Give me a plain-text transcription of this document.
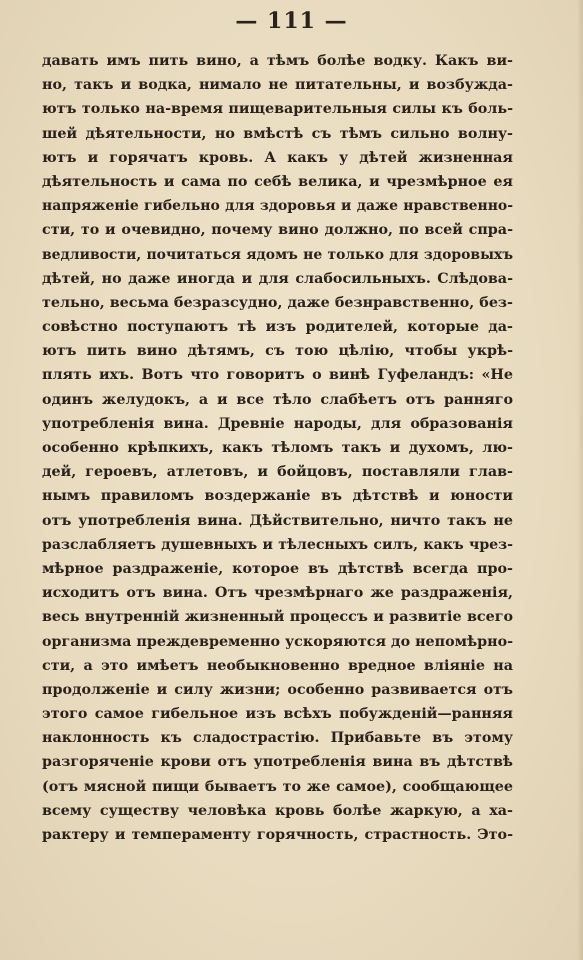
— 111 —
давать имъ пить вино, а тѣмъ болѣе водку. Какъ ви-
но, такъ и водка, нимало не питательны, и возбужда-
ютъ только на-время пищеварительныя силы къ боль-
шей дѣятельности, но вмѣстѣ съ тѣмъ сильно волну-
ютъ и горячатъ кровь. А какъ у дѣтей жизненная
дѣятельность и сама по себѣ велика, и чрезмѣрное ея
напряженіе гибельно для здоровья и даже нравственно-
сти, то и очевидно, почему вино должно, по всей спра-
ведливости, почитаться ядомъ не только для здоровыхъ
дѣтей, но даже иногда и для слабосильныхъ. Слѣдова-
тельно, весьма безразсудно, даже безнравственно, без-
совѣстно поступаютъ тѣ изъ родителей, которые да-
ютъ пить вино дѣтямъ, съ тою цѣлію, чтобы укрѣ-
плять ихъ. Вотъ что говоритъ о винѣ Гуфеландъ: «Не
одинъ желудокъ, а и все тѣло слабѣетъ отъ ранняго
употребленія вина. Древніе народы, для образованія
особенно крѣпкихъ, какъ тѣломъ такъ и духомъ, лю-
дей, героевъ, атлетовъ, и бойцовъ, поставляли глав-
нымъ правиломъ воздержаніе въ дѣтствѣ и юности
отъ употребленія вина. Дѣйствительно, ничто такъ не
разслабляетъ душевныхъ и тѣлесныхъ силъ, какъ чрез-
мѣрное раздраженіе, которое въ дѣтствѣ всегда про-
исходитъ отъ вина. Отъ чрезмѣрнаго же раздраженія,
весь внутренній жизненный процессъ и развитіе всего
организма преждевременно ускоряются до непомѣрно-
сти, а это имѣетъ необыкновенно вредное вліяніе на
продолженіе и силу жизни; особенно развивается отъ
этого самое гибельное изъ всѣхъ побужденій—ранняя
наклонность къ сладострастію. Прибавьте въ этому
разгоряченіе крови отъ употребленія вина въ дѣтствѣ
(отъ мясной пищи бываетъ то же самое), сообщающее
всему существу человѣка кровь болѣе жаркую, а ха-
рактеру и темпераменту горячность, страстность. Это-
